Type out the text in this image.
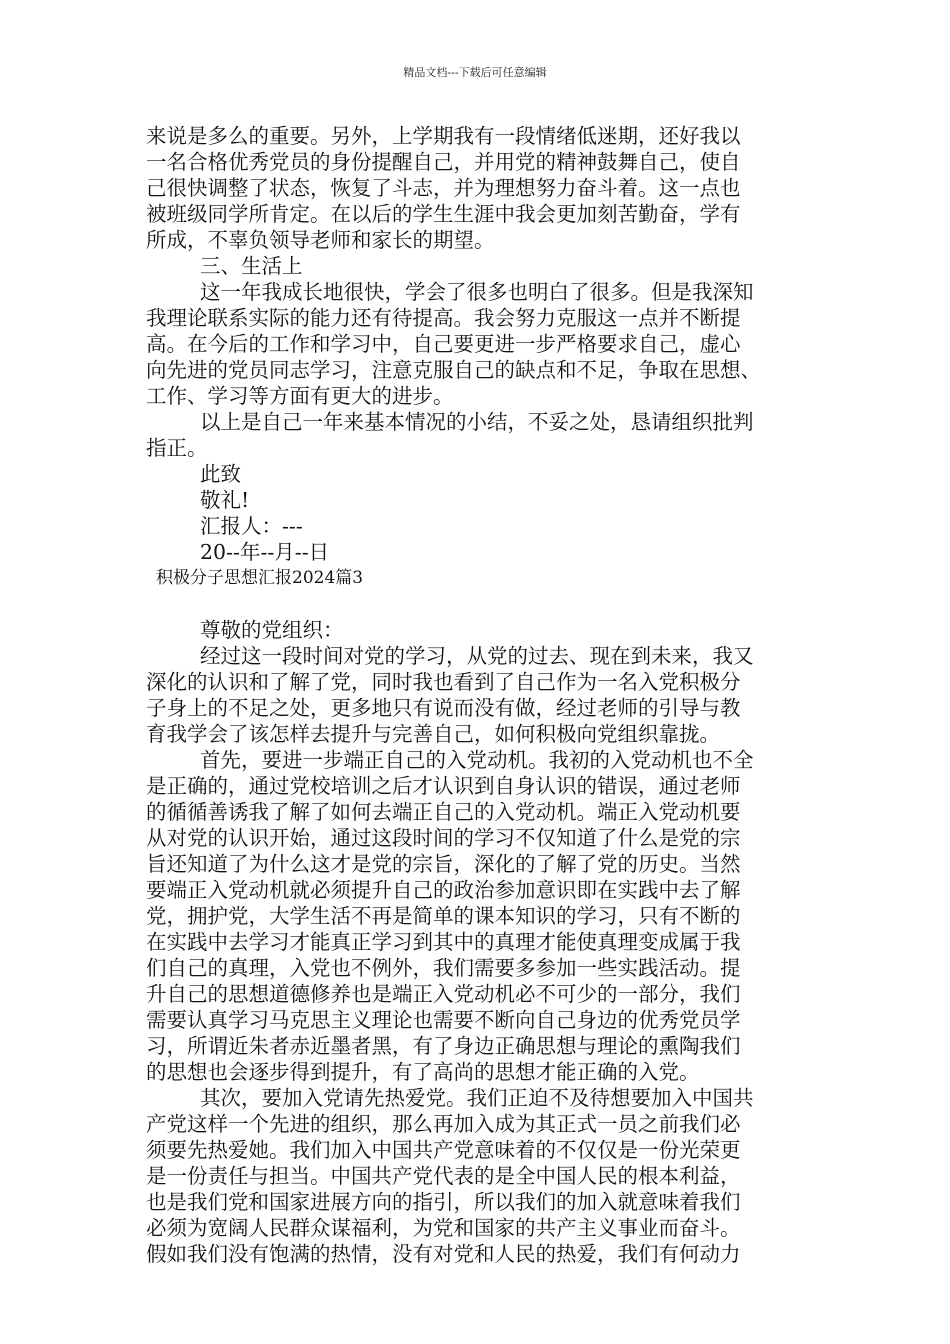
精品文档---下载后可任意编辑
来说是多么的重要。另外，上学期我有一段情绪低迷期，还好我以
一名合格优秀党员的身份提醒自己，并用党的精神鼓舞自己，使自
己很快调整了状态，恢复了斗志，并为理想努力奋斗着。这一点也
被班级同学所肯定。在以后的学生生涯中我会更加刻苦勤奋，学有
所成，不辜负领导老师和家长的期望。
三、生活上
这一年我成长地很快，学会了很多也明白了很多。但是我深知
我理论联系实际的能力还有待提高。我会努力克服这一点并不断提
高。在今后的工作和学习中，自己要更进一步严格要求自己，虚心
向先进的党员同志学习，注意克服自己的缺点和不足，争取在思想、
工作、学习等方面有更大的进步。
以上是自己一年来基本情况的小结，不妥之处，恳请组织批判
指正。
此致
敬礼!
汇报人：---
20--年--月--日
积极分子思想汇报2024篇3
尊敬的党组织：
经过这一段时间对党的学习，从党的过去、现在到未来，我又
深化的认识和了解了党，同时我也看到了自己作为一名入党积极分
子身上的不足之处，更多地只有说而没有做，经过老师的引导与教
育我学会了该怎样去提升与完善自己，如何积极向党组织靠拢。
首先，要进一步端正自己的入党动机。我初的入党动机也不全
是正确的，通过党校培训之后才认识到自身认识的错误，通过老师
的循循善诱我了解了如何去端正自己的入党动机。端正入党动机要
从对党的认识开始，通过这段时间的学习不仅知道了什么是党的宗
旨还知道了为什么这才是党的宗旨，深化的了解了党的历史。当然
要端正入党动机就必须提升自己的政治参加意识即在实践中去了解
党，拥护党，大学生活不再是简单的课本知识的学习，只有不断的
在实践中去学习才能真正学习到其中的真理才能使真理变成属于我
们自己的真理，入党也不例外，我们需要多参加一些实践活动。提
升自己的思想道德修养也是端正入党动机必不可少的一部分，我们
需要认真学习马克思主义理论也需要不断向自己身边的优秀党员学
习，所谓近朱者赤近墨者黑，有了身边正确思想与理论的熏陶我们
的思想也会逐步得到提升，有了高尚的思想才能正确的入党。
其次，要加入党请先热爱党。我们正迫不及待想要加入中国共
产党这样一个先进的组织，那么再加入成为其正式一员之前我们必
须要先热爱她。我们加入中国共产党意味着的不仅仅是一份光荣更
是一份责任与担当。中国共产党代表的是全中国人民的根本利益，
也是我们党和国家进展方向的指引，所以我们的加入就意味着我们
必须为宽阔人民群众谋福利，为党和国家的共产主义事业而奋斗。
假如我们没有饱满的热情，没有对党和人民的热爱，我们有何动力
